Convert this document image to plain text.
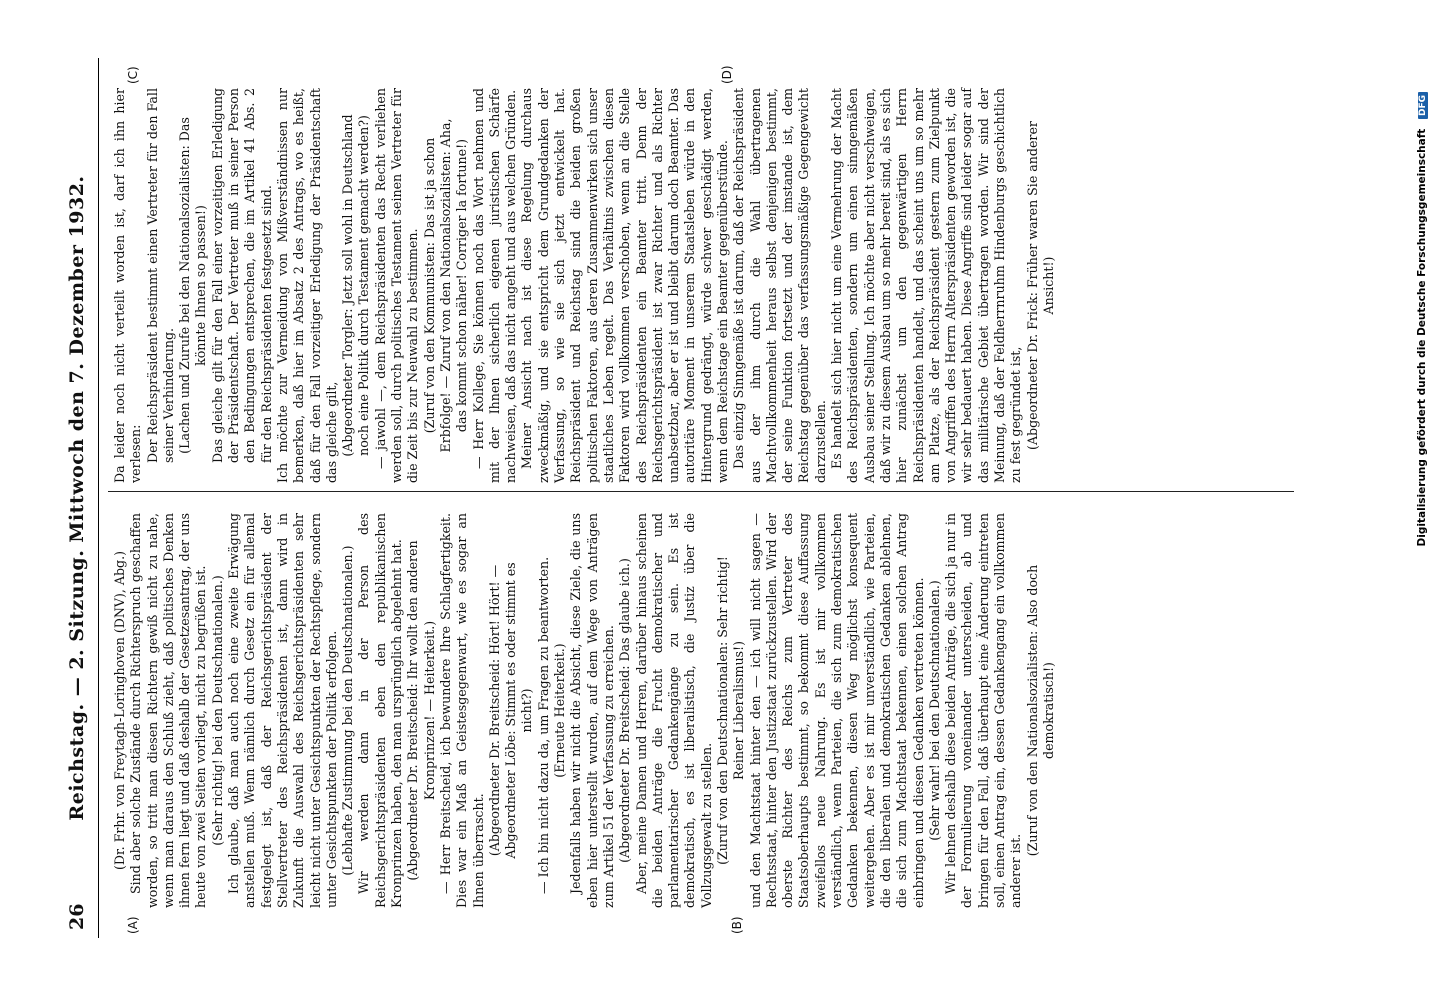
26
Reichstag. — 2. Sitzung. Mittwoch den 7. Dezember 1932.
(A)	(B)
(C)	(D)

(Dr. Frhr. von Freytagh-Loringhoven (DNV), Abg.) Sind aber solche Zustände durch Richterspruch geschaffen worden, so tritt man diesen Richtern gewiß nicht zu nahe, wenn man daraus den Schluß zieht, daß politisches Denken ihnen fern liegt und daß deshalb der Gesetzesantrag, der uns heute von zwei Seiten vorliegt, nicht zu begrüßen ist. (Sehr richtig! bei den Deutschnationalen.) Ich glaube, daß man auch noch eine zweite Erwägung anstellen muß. Wenn nämlich durch Gesetz ein für allemal festgelegt ist, daß der Reichsgerichtspräsident der Stellvertreter des Reichspräsidenten ist, dann wird in Zukunft die Auswahl des Reichsgerichtspräsidenten sehr leicht nicht unter Gesichtspunkten der Rechtspflege, sondern unter Gesichtspunkten der Politik erfolgen. (Lebhafte Zustimmung bei den Deutschnationalen.) Wir werden dann in der Person des Reichsgerichtspräsidenten eben den republikanischen Kronprinzen haben, den man ursprünglich abgelehnt hat. (Abgeordneter Dr. Breitscheid: Ihr wollt den anderen Kronprinzen! — Heiterkeit.) — Herr Breitscheid, ich bewundere Ihre Schlagfertigkeit. Dies war ein Maß an Geistesgegenwart, wie es sogar an Ihnen überrascht. (Abgeordneter Dr. Breitscheid: Hört! Hört! — Abgeordneter Löbe: Stimmt es oder stimmt es nicht?) — Ich bin nicht dazu da, um Fragen zu beantworten. (Erneute Heiterkeit.) Jedenfalls haben wir nicht die Absicht, diese Ziele, die uns eben hier unterstellt wurden, auf dem Wege von Anträgen zum Artikel 51 der Verfassung zu erreichen. (Abgeordneter Dr. Breitscheid: Das glaube ich.) Aber, meine Damen und Herren, darüber hinaus scheinen die beiden Anträge die Frucht demokratischer und parlamentarischer Gedankengänge zu sein. Es ist demokratisch, es ist liberalistisch, die Justiz über die Vollzugsgewalt zu stellen. (Zuruf von den Deutschnationalen: Sehr richtig! Reiner Liberalismus!) und den Machtstaat hinter den — ich will nicht sagen — Rechtsstaat, hinter den Justizstaat zurückzustellen. Wird der oberste Richter des Reichs zum Vertreter des Staatsoberhaupts bestimmt, so bekommt diese Auffassung zweifellos neue Nahrung. Es ist mir vollkommen verständlich, wenn Parteien, die sich zum demokratischen Gedanken bekennen, diesen Weg möglichst konsequent weitergehen. Aber es ist mir unverständlich, wie Parteien, die den liberalen und demokratischen Gedanken ablehnen, die sich zum Machtstaat bekennen, einen solchen Antrag einbringen und diesen Gedanken vertreten können. (Sehr wahr! bei den Deutschnationalen.) Wir lehnen deshalb diese beiden Anträge, die sich ja nur in der Formulierung voneinander unterscheiden, ab und bringen für den Fall, daß überhaupt eine Änderung eintreten soll, einen Antrag ein, dessen Gedankengang ein vollkommen anderer ist.

(Zuruf von den Nationalsozialisten: Also doch demokratisch!)

Da leider noch nicht verteilt worden ist, darf ich ihn hier verlesen: Der Reichspräsident bestimmt einen Vertreter für den Fall seiner Verhinderung. (Lachen und Zurufe bei den Nationalsozialisten: Das könnte Ihnen so passen!) Das gleiche gilt für den Fall einer vorzeitigen Erledigung der Präsidentschaft. Der Vertreter muß in seiner Person den Bedingungen entsprechen, die im Artikel 41 Abs. 2 für den Reichspräsidenten festgesetzt sind. Ich möchte zur Vermeidung von Mißverständnissen nur bemerken, daß hier im Absatz 2 des Antrags, wo es heißt, daß für den Fall vorzeitiger Erledigung der Präsidentschaft das gleiche gilt, (Abgeordneter Torgler: Jetzt soll wohl in Deutschland noch eine Politik durch Testament gemacht werden?) — jawohl —, dem Reichspräsidenten das Recht verliehen werden soll, durch politisches Testament seinen Vertreter für die Zeit bis zur Neuwahl zu bestimmen. (Zuruf von den Kommunisten: Das ist ja schon Erbfolge! — Zuruf von den Nationalsozialisten: Aha, das kommt schon näher! Corriger la fortune!) — Herr Kollege, Sie können noch das Wort nehmen und mit der Ihnen sicherlich eigenen juristischen Schärfe nachweisen, daß das nicht angeht und aus welchen Gründen. Meiner Ansicht nach ist diese Regelung durchaus zweckmäßig, und sie entspricht dem Grundgedanken der Verfassung, so wie sie sich jetzt entwickelt hat. Reichspräsident und Reichstag sind die beiden großen politischen Faktoren, aus deren Zusammenwirken sich unser staatliches Leben regelt. Das Verhältnis zwischen diesen Faktoren wird vollkommen verschoben, wenn an die Stelle des Reichspräsidenten ein Beamter tritt. Denn der Reichsgerichtspräsident ist zwar Richter und als Richter unabsetzbar, aber er ist und bleibt darum doch Beamter. Das autoritäre Moment in unserem Staatsleben würde in den Hintergrund gedrängt, würde schwer geschädigt werden, wenn dem Reichstage ein Beamter gegenüberstünde. Das einzig Sinngemäße ist darum, daß der Reichspräsident aus der ihm durch die Wahl übertragenen Machtvollkommenheit heraus selbst denjenigen bestimmt, der seine Funktion fortsetzt und der imstande ist, dem Reichstag gegenüber das verfassungsmäßige Gegengewicht darzustellen. Es handelt sich hier nicht um eine Vermehrung der Macht des Reichspräsidenten, sondern um einen sinngemäßen Ausbau seiner Stellung. Ich möchte aber nicht verschweigen, daß wir zu diesem Ausbau um so mehr bereit sind, als es sich hier zunächst um den gegenwärtigen Herrn Reichspräsidenten handelt, und das scheint uns um so mehr am Platze, als der Reichspräsident gestern zum Zielpunkt von Angriffen des Herrn Alterspräsidenten geworden ist, die wir sehr bedauert haben. Diese Angriffe sind leider sogar auf das militärische Gebiet übertragen worden. Wir sind der Meinung, daß der Feldherrnruhm Hindenburgs geschichtlich zu fest gegründet ist, (Abgeordneter Dr. Frick: Früher waren Sie anderer Ansicht!)	Digitalisierung gefördert durch die Deutsche Forschungsgemeinschaft DFG
